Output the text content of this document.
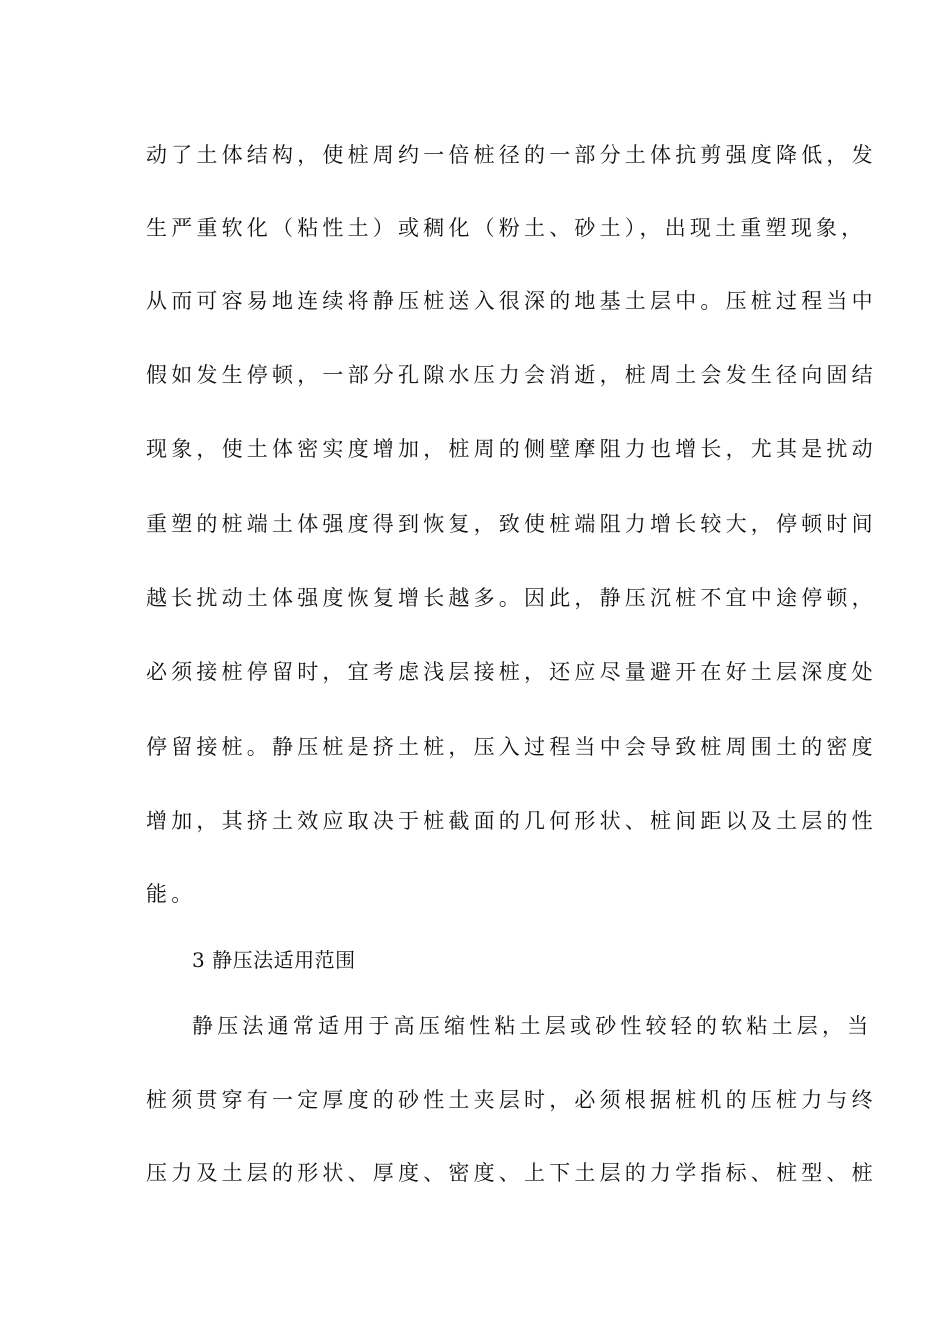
动了土体结构，使桩周约一倍桩径的一部分土体抗剪强度降低，发
生严重软化（粘性土）或稠化（粉土、砂土），出现土重塑现象，
从而可容易地连续将静压桩送入很深的地基土层中。压桩过程当中
假如发生停顿，一部分孔隙水压力会消逝，桩周土会发生径向固结
现象，使土体密实度增加，桩周的侧壁摩阻力也增长，尤其是扰动
重塑的桩端土体强度得到恢复，致使桩端阻力增长较大，停顿时间
越长扰动土体强度恢复增长越多。因此，静压沉桩不宜中途停顿，
必须接桩停留时，宜考虑浅层接桩，还应尽量避开在好土层深度处
停留接桩。静压桩是挤土桩，压入过程当中会导致桩周围土的密度
增加，其挤土效应取决于桩截面的几何形状、桩间距以及土层的性
能。
3 静压法适用范围
静压法通常适用于高压缩性粘土层或砂性较轻的软粘土层，当
桩须贯穿有一定厚度的砂性土夹层时，必须根据桩机的压桩力与终
压力及土层的形状、厚度、密度、上下土层的力学指标、桩型、桩
